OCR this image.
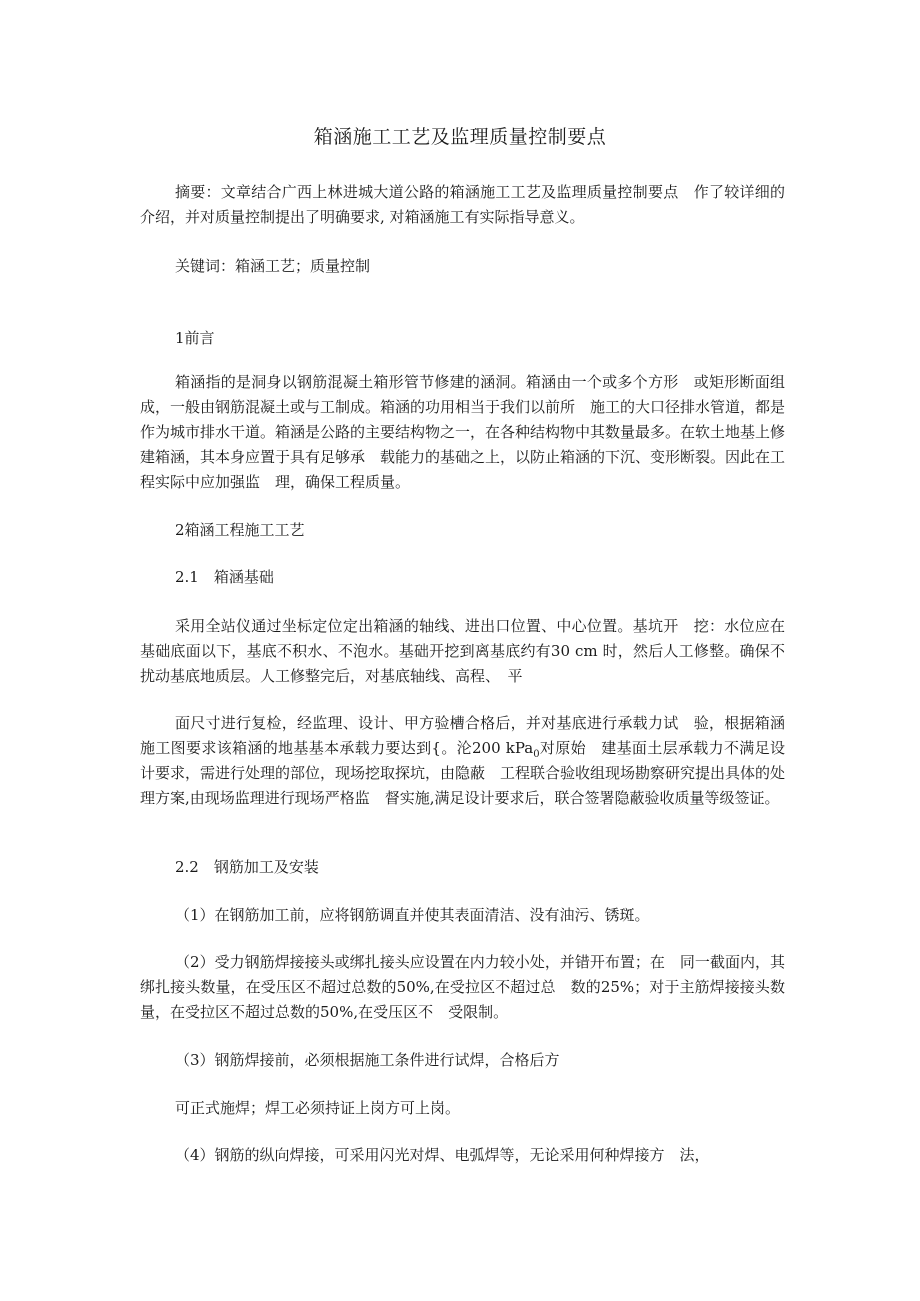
箱涵施工工艺及监理质量控制要点
摘要：文章结合广西上林进城大道公路的箱涵施工工艺及监理质量控制要点　作了较详细的介绍，并对质量控制提出了明确要求, 对箱涵施工有实际指导意义。
关键词：箱涵工艺；质量控制
1前言
箱涵指的是洞身以钢筋混凝土箱形管节修建的涵洞。箱涵由一个或多个方形　或矩形断面组成，一般由钢筋混凝土或与工制成。箱涵的功用相当于我们以前所　施工的大口径排水管道，都是作为城市排水干道。箱涵是公路的主要结构物之一，在各种结构物中其数量最多。在软土地基上修建箱涵，其本身应置于具有足够承　载能力的基础之上，以防止箱涵的下沉、变形断裂。因此在工程实际中应加强监　理，确保工程质量。
2箱涵工程施工工艺
2.1　箱涵基础
采用全站仪通过坐标定位定出箱涵的轴线、进出口位置、中心位置。基坑开　挖：水位应在基础底面以下，基底不积水、不泡水。基础开挖到离基底约有30 cm 时，然后人工修整。确保不扰动基底地质层。人工修整完后，对基底轴线、高程、　平
面尺寸进行复检，经监理、设计、甲方验槽合格后，并对基底进行承载力试　验，根据箱涵施工图要求该箱涵的地基基本承载力要达到{。沦200 kPa$_0$对原始　建基面土层承载力不满足设计要求，需进行处理的部位，现场挖取探坑，由隐蔽　工程联合验收组现场勘察研究提出具体的处理方案,由现场监理进行现场严格监　督实施,满足设计要求后，联合签署隐蔽验收质量等级签证。
2.2　钢筋加工及安装
（1）在钢筋加工前，应将钢筋调直并使其表面清洁、没有油污、锈斑。
（2）受力钢筋焊接接头或绑扎接头应设置在内力较小处，并错开布置；在　同一截面内，其绑扎接头数量，在受压区不超过总数的50%,在受拉区不超过总　数的25%；对于主筋焊接接头数量，在受拉区不超过总数的50%,在受压区不　受限制。
（3）钢筋焊接前，必须根据施工条件进行试焊，合格后方
可正式施焊；焊工必须持证上岗方可上岗。
（4）钢筋的纵向焊接，可采用闪光对焊、电弧焊等，无论采用何种焊接方　法，
